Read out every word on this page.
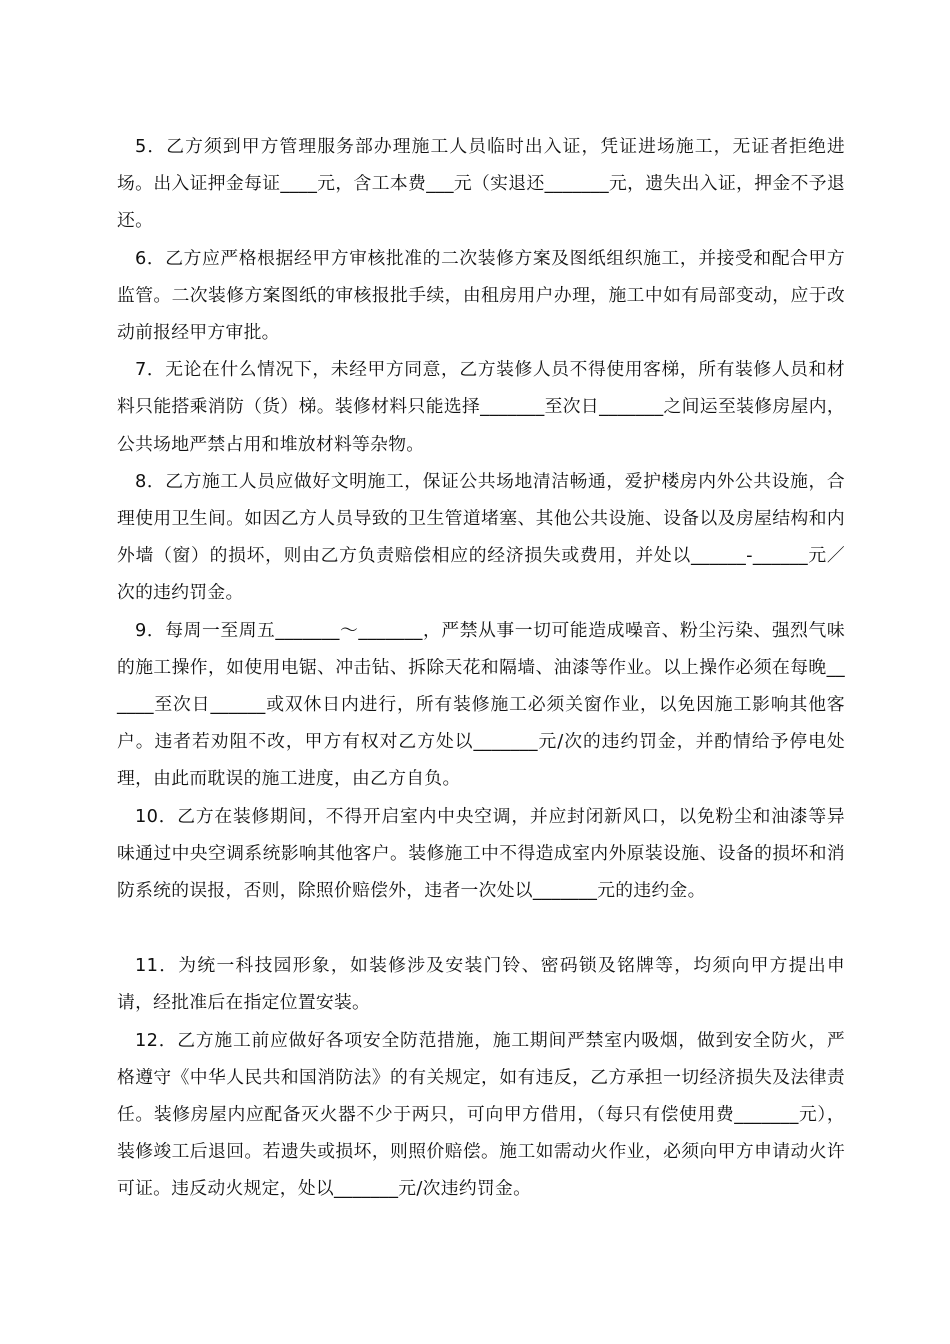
5．乙方须到甲方管理服务部办理施工人员临时出入证，凭证进场施工，无证者拒绝进场。出入证押金每证____元，含工本费___元（实退还_______元，遗失出入证，押金不予退还。

6．乙方应严格根据经甲方审核批准的二次装修方案及图纸组织施工，并接受和配合甲方监管。二次装修方案图纸的审核报批手续，由租房用户办理，施工中如有局部变动，应于改动前报经甲方审批。

7．无论在什么情况下，未经甲方同意，乙方装修人员不得使用客梯，所有装修人员和材料只能搭乘消防（货）梯。装修材料只能选择_______至次日_______之间运至装修房屋内，公共场地严禁占用和堆放材料等杂物。

8．乙方施工人员应做好文明施工，保证公共场地清洁畅通，爱护楼房内外公共设施，合理使用卫生间。如因乙方人员导致的卫生管道堵塞、其他公共设施、设备以及房屋结构和内外墙（窗）的损坏，则由乙方负责赔偿相应的经济损失或费用，并处以______-______元／次的违约罚金。

9．每周一至周五_______～_______，严禁从事一切可能造成噪音、粉尘污染、强烈气味的施工操作，如使用电锯、冲击钻、拆除天花和隔墙、油漆等作业。以上操作必须在每晚______至次日______或双休日内进行，所有装修施工必须关窗作业，以免因施工影响其他客户。违者若劝阻不改，甲方有权对乙方处以_______元/次的违约罚金，并酌情给予停电处理，由此而耽误的施工进度，由乙方自负。

10．乙方在装修期间，不得开启室内中央空调，并应封闭新风口，以免粉尘和油漆等异味通过中央空调系统影响其他客户。装修施工中不得造成室内外原装设施、设备的损坏和消防系统的误报，否则，除照价赔偿外，违者一次处以_______元的违约金。

11．为统一科技园形象，如装修涉及安装门铃、密码锁及铭牌等，均须向甲方提出申请，经批准后在指定位置安装。

12．乙方施工前应做好各项安全防范措施，施工期间严禁室内吸烟，做到安全防火，严格遵守《中华人民共和国消防法》的有关规定，如有违反，乙方承担一切经济损失及法律责任。装修房屋内应配备灭火器不少于两只，可向甲方借用，（每只有偿使用费_______元），装修竣工后退回。若遗失或损坏，则照价赔偿。施工如需动火作业，必须向甲方申请动火许可证。违反动火规定，处以_______元/次违约罚金。
